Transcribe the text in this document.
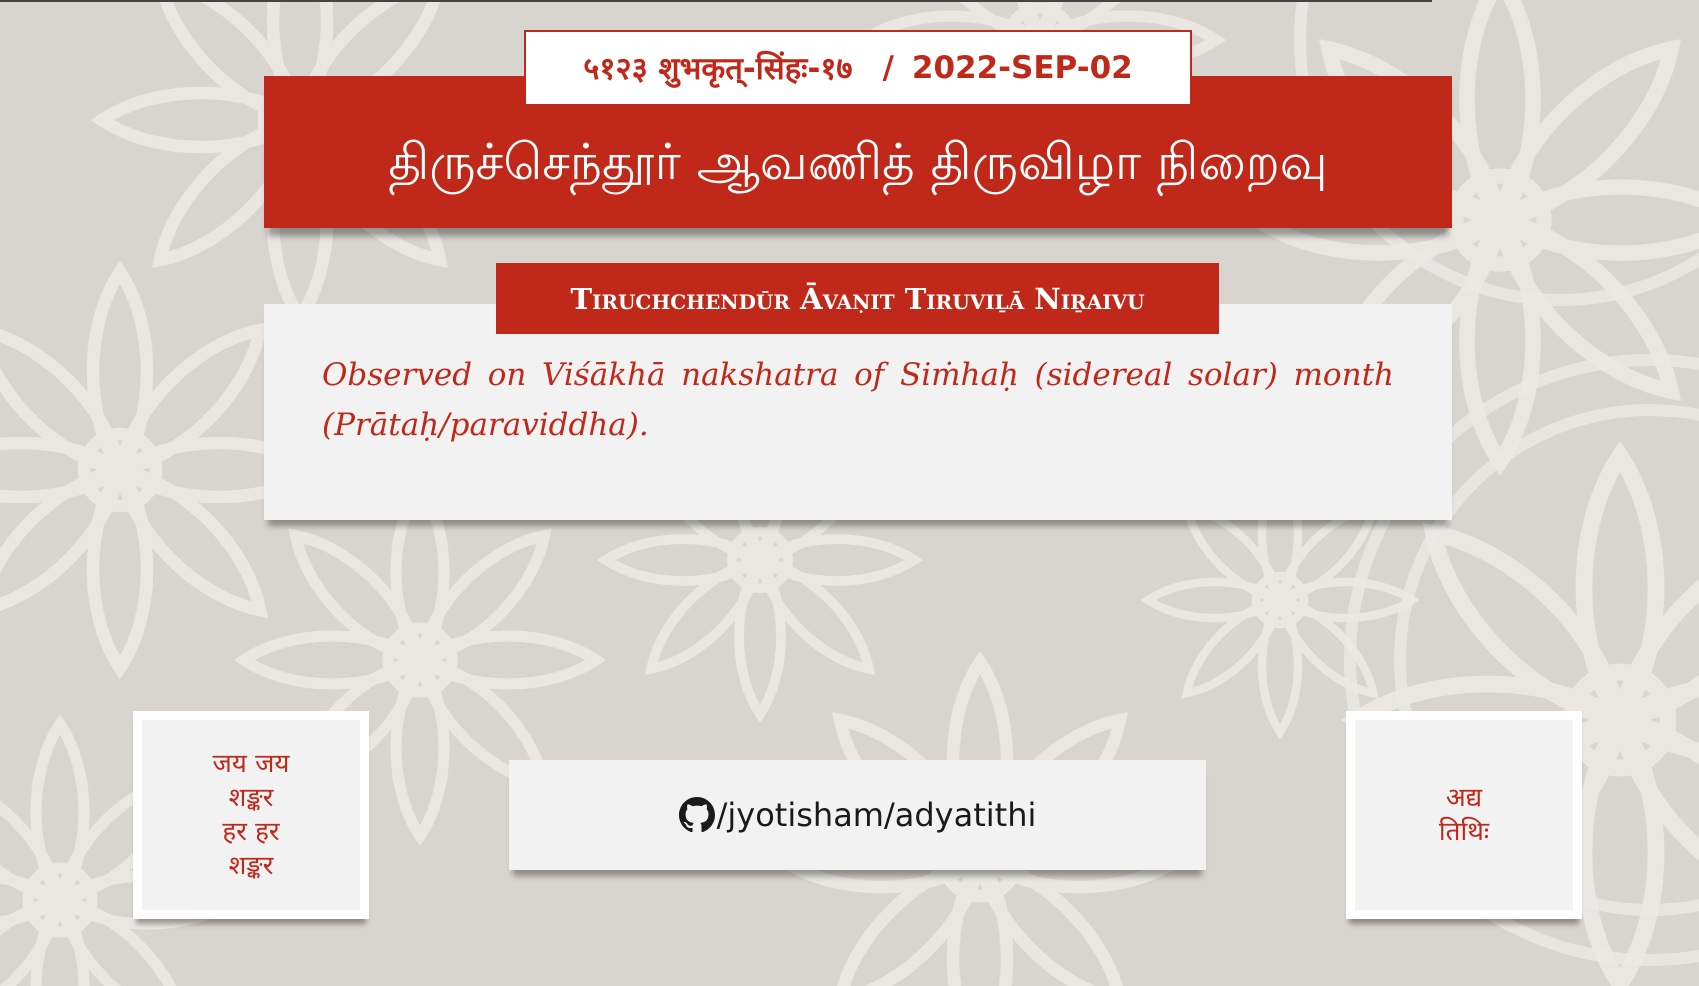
५१२३ शुभकृत्-सिंहः-१७ / 2022-SEP-02
திருச்செந்தூர் ஆவணித் திருவிழா நிறைவு

Observed on Viśākhā nakshatra of Siṁhaḥ (sidereal solar) month (Prātaḥ/paraviddha).

Tiruchchendūr Āvaṇit Tiruviḻā Niṟaivu
जय जय
शङ्कर
हर हर
शङ्कर
/jyotisham/adyatithi	अद्य
तिथिः
